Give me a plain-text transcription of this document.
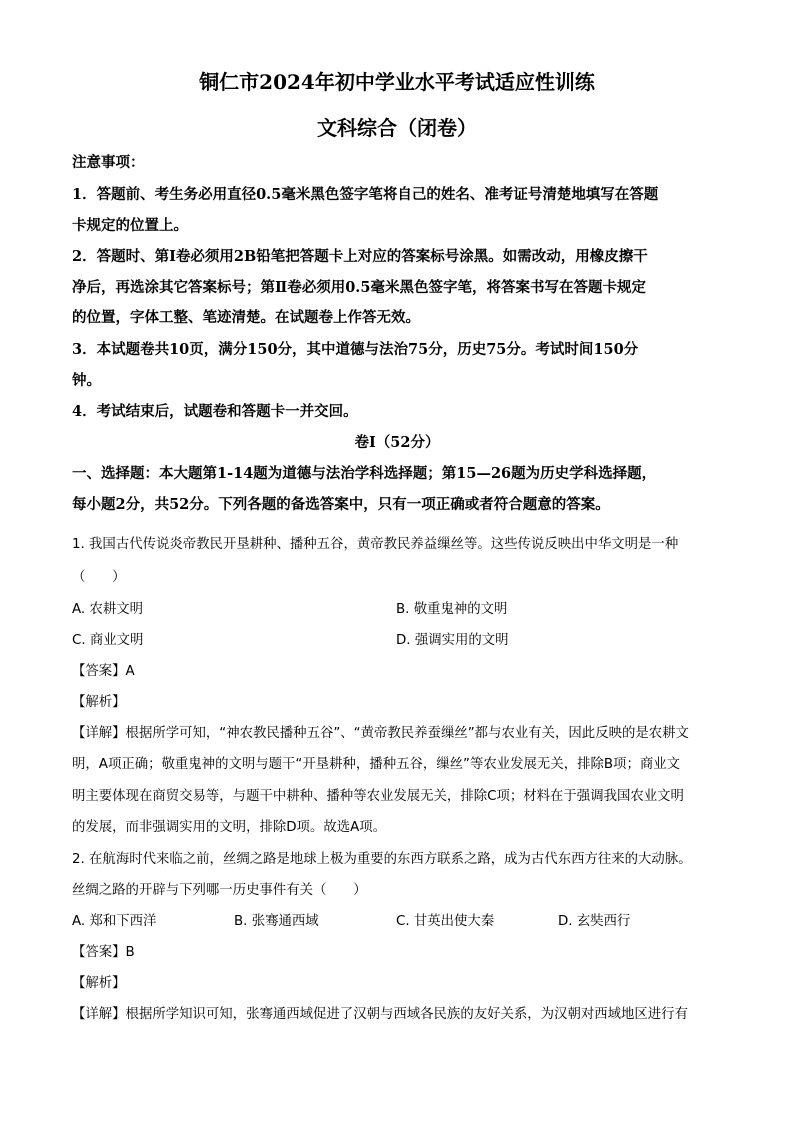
铜仁市2024年初中学业水平考试适应性训练
文科综合（闭卷）
注意事项：
1．答题前、考生务必用直径0.5毫米黑色签字笔将自己的姓名、准考证号清楚地填写在答题
卡规定的位置上。
2．答题时、第Ⅰ卷必须用2B铅笔把答题卡上对应的答案标号涂黑。如需改动，用橡皮擦干
净后，再选涂其它答案标号；第Ⅱ卷必须用0.5毫米黑色签字笔，将答案书写在答题卡规定
的位置，字体工整、笔迹清楚。在试题卷上作答无效。
3．本试题卷共10页，满分150分，其中道德与法治75分，历史75分。考试时间150分
钟。
4．考试结束后，试题卷和答题卡一并交回。
卷Ⅰ（52分）
一、选择题：本大题第1-14题为道德与法治学科选择题；第15—26题为历史学科选择题，
每小题2分，共52分。下列各题的备选答案中，只有一项正确或者符合题意的答案。
1. 我国古代传说炎帝教民开垦耕种、播种五谷，黄帝教民养益缫丝等。这些传说反映出中华文明是一种
（　　）
A. 农耕文明	B. 敬重鬼神的文明
C. 商业文明	D. 强调实用的文明
【答案】A
【解析】
【详解】根据所学可知，“神农教民播种五谷”、“黄帝教民养蚕缫丝”都与农业有关，因此反映的是农耕文
明，A项正确；敬重鬼神的文明与题干“开垦耕种，播种五谷，缫丝”等农业发展无关，排除B项；商业文
明主要体现在商贸交易等，与题干中耕种、播种等农业发展无关，排除C项；材料在于强调我国农业文明
的发展，而非强调实用的文明，排除D项。故选A项。
2. 在航海时代来临之前，丝绸之路是地球上极为重要的东西方联系之路，成为古代东西方往来的大动脉。
丝绸之路的开辟与下列哪一历史事件有关（　　）
A. 郑和下西洋	B. 张骞通西域	C. 甘英出使大秦	D. 玄奘西行
【答案】B
【解析】
【详解】根据所学知识可知，张骞通西域促进了汉朝与西域各民族的友好关系，为汉朝对西域地区进行有
